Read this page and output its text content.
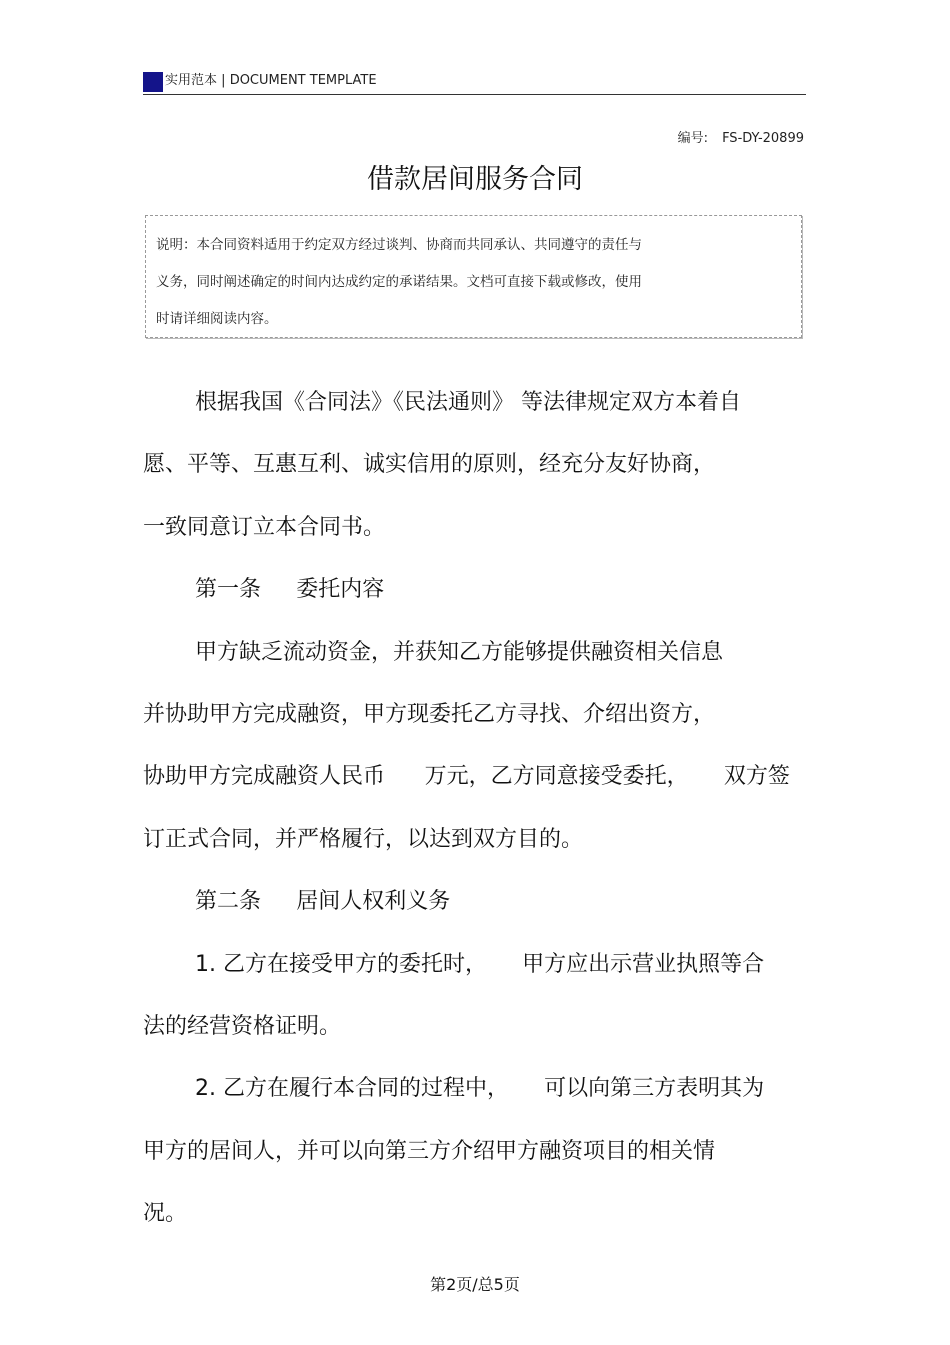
实用范本 | DOCUMENT TEMPLATE
编号: FS-DY-20899
借款居间服务合同
说明：本合同资料适用于约定双方经过谈判、协商而共同承认、共同遵守的责任与
义务，同时阐述确定的时间内达成约定的承诺结果。文档可直接下载或修改，使用
时请详细阅读内容。
根据我国《合同法》《民法通则》 等法律规定双方本着自
愿、平等、互惠互利、诚实信用的原则，经充分友好协商，
一致同意订立本合同书。
第一条 委托内容
甲方缺乏流动资金，并获知乙方能够提供融资相关信息
并协助甲方完成融资，甲方现委托乙方寻找、介绍出资方，
协助甲方完成融资人民币 万元，乙方同意接受委托， 双方签
订正式合同，并严格履行，以达到双方目的。
第二条 居间人权利义务
1. 乙方在接受甲方的委托时， 甲方应出示营业执照等合
法的经营资格证明。
2. 乙方在履行本合同的过程中， 可以向第三方表明其为
甲方的居间人，并可以向第三方介绍甲方融资项目的相关情
况。
第2页/总5页
